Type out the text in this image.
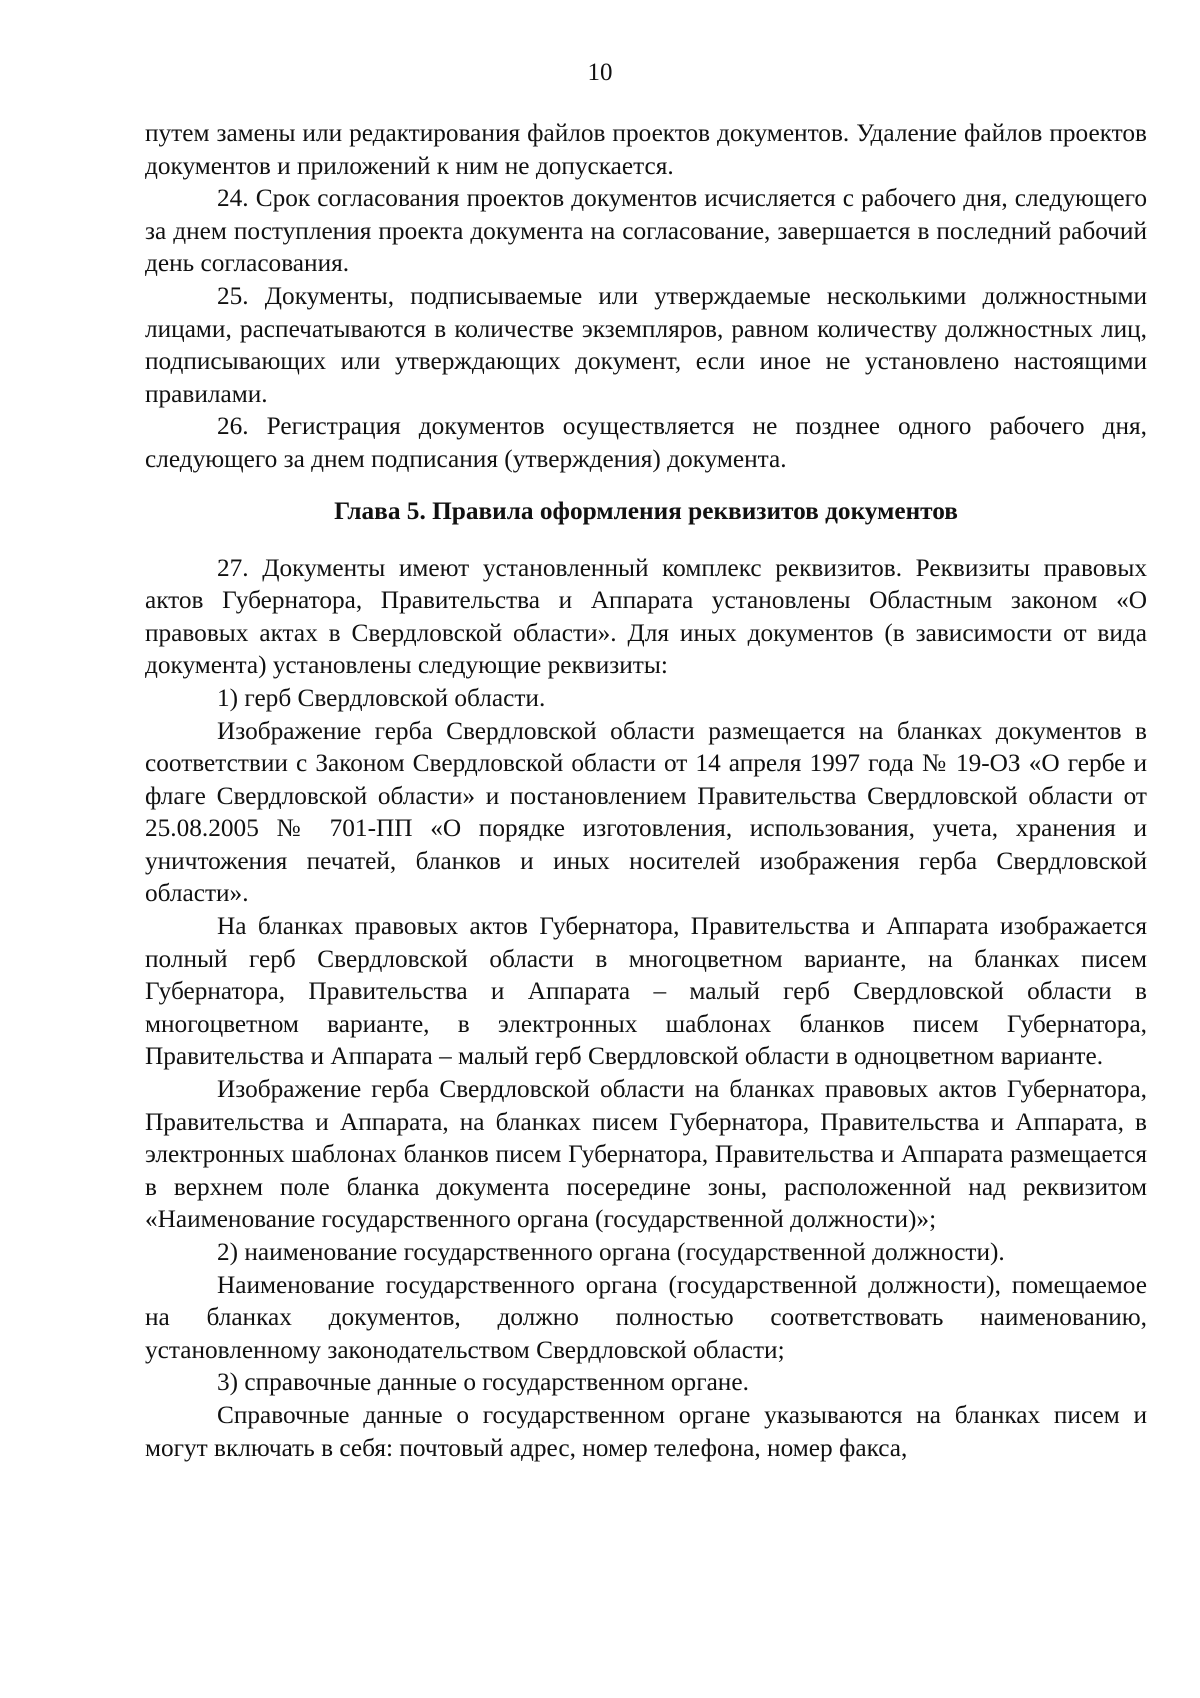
10

путем замены или редактирования файлов проектов документов. Удаление файлов проектов документов и приложений к ним не допускается.

24. Срок согласования проектов документов исчисляется с рабочего дня, следующего за днем поступления проекта документа на согласование, завершается в последний рабочий день согласования.

25. Документы, подписываемые или утверждаемые несколькими должностными лицами, распечатываются в количестве экземпляров, равном количеству должностных лиц, подписывающих или утверждающих документ, если иное не установлено настоящими правилами.

26. Регистрация документов осуществляется не позднее одного рабочего дня, следующего за днем подписания (утверждения) документа.

Глава 5. Правила оформления реквизитов документов

27. Документы имеют установленный комплекс реквизитов. Реквизиты правовых актов Губернатора, Правительства и Аппарата установлены Областным законом «О правовых актах в Свердловской области». Для иных документов (в зависимости от вида документа) установлены следующие реквизиты:

1) герб Свердловской области.

Изображение герба Свердловской области размещается на бланках документов в соответствии с Законом Свердловской области от 14 апреля 1997 года № 19-ОЗ «О гербе и флаге Свердловской области» и постановлением Правительства Свердловской области от 25.08.2005 № 701-ПП «О порядке изготовления, использования, учета, хранения и уничтожения печатей, бланков и иных носителей изображения герба Свердловской области».

На бланках правовых актов Губернатора, Правительства и Аппарата изображается полный герб Свердловской области в многоцветном варианте, на бланках писем Губернатора, Правительства и Аппарата – малый герб Свердловской области в многоцветном варианте, в электронных шаблонах бланков писем Губернатора, Правительства и Аппарата – малый герб Свердловской области в одноцветном варианте.

Изображение герба Свердловской области на бланках правовых актов Губернатора, Правительства и Аппарата, на бланках писем Губернатора, Правительства и Аппарата, в электронных шаблонах бланков писем Губернатора, Правительства и Аппарата размещается в верхнем поле бланка документа посередине зоны, расположенной над реквизитом «Наименование государственного органа (государственной должности)»;

2) наименование государственного органа (государственной должности).

Наименование государственного органа (государственной должности), помещаемое на бланках документов, должно полностью соответствовать наименованию, установленному законодательством Свердловской области;

3) справочные данные о государственном органе.

Справочные данные о государственном органе указываются на бланках писем и могут включать в себя: почтовый адрес, номер телефона, номер факса,
